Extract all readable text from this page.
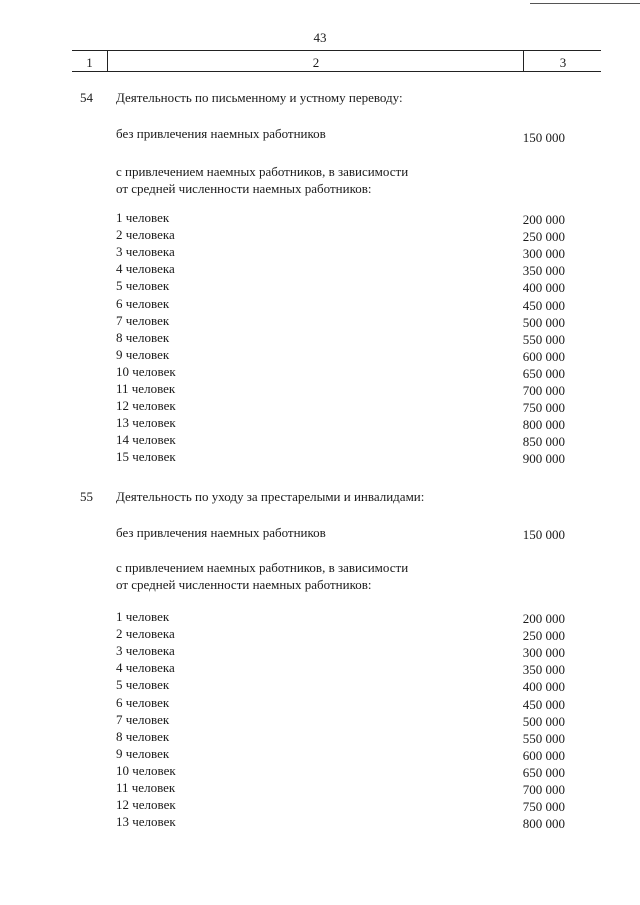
43
1	2	3
54 Деятельность по письменному и устному переводу:
без привлечения наемных работников	150 000
с привлечением наемных работников, в зависимости
от средней численности наемных работников:
1 человек	200 000
2 человека	250 000
3 человека	300 000
4 человека	350 000
5 человек	400 000
6 человек	450 000
7 человек	500 000
8 человек	550 000
9 человек	600 000
10 человек	650 000
11 человек	700 000
12 человек	750 000
13 человек	800 000
14 человек	850 000
15 человек	900 000
55 Деятельность по уходу за престарелыми и инвалидами:
без привлечения наемных работников	150 000
с привлечением наемных работников, в зависимости
от средней численности наемных работников:
1 человек	200 000
2 человека	250 000
3 человека	300 000
4 человека	350 000
5 человек	400 000
6 человек	450 000
7 человек	500 000
8 человек	550 000
9 человек	600 000
10 человек	650 000
11 человек	700 000
12 человек	750 000
13 человек	800 000
